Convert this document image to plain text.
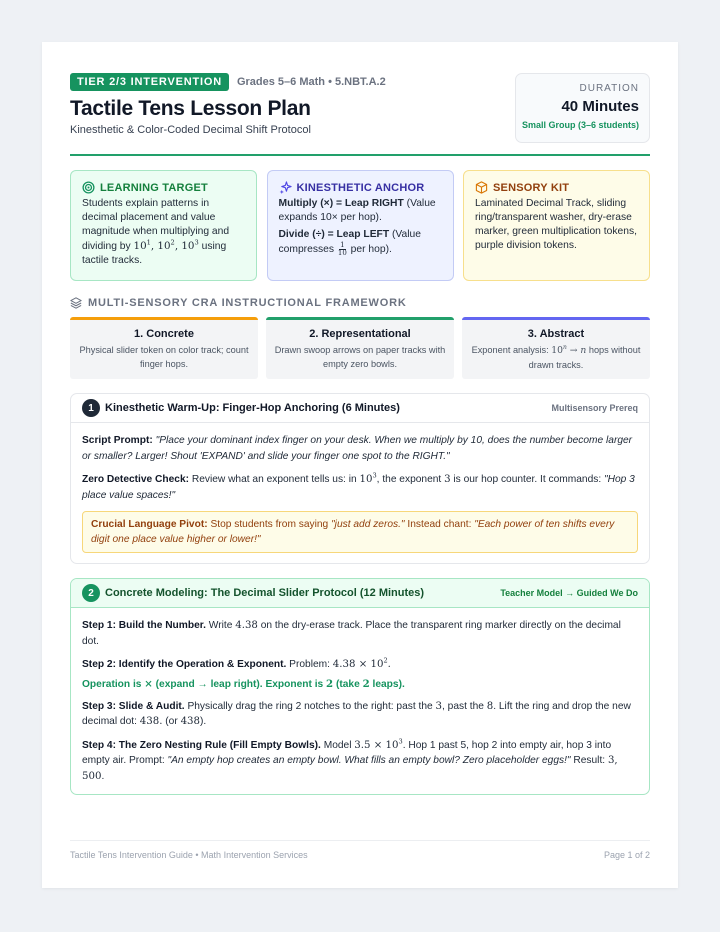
TIER 2/3 INTERVENTION	Grades 5–6 Math • 5.NBT.A.2
Tactile Tens Lesson Plan
Kinesthetic & Color-Coded Decimal Shift Protocol
DURATION
40 Minutes
Small Group (3–6 students)
LEARNING TARGET
Students explain patterns in decimal placement and value magnitude when multiplying and dividing by $10^1$, $10^2$, $10^3$ using tactile tracks.
KINESTHETIC ANCHOR
Multiply (×) = Leap RIGHT (Value expands 10× per hop).
Divide (÷) = Leap LEFT (Value compresses $\frac{1}{10}$ per hop).
SENSORY KIT
Laminated Decimal Track, sliding ring/transparent washer, dry-erase marker, green multiplication tokens, purple division tokens.
MULTI-SENSORY CRA INSTRUCTIONAL FRAMEWORK
1. Concrete
Physical slider token on color track; count finger hops.
2. Representational
Drawn swoop arrows on paper tracks with empty zero bowls.
3. Abstract
Exponent analysis: $10^n \to n$ hops without drawn tracks.
1	Kinesthetic Warm-Up: Finger-Hop Anchoring (6 Minutes)	Multisensory Prereq
Script Prompt: "Place your dominant index finger on your desk. When we multiply by 10, does the number become larger or smaller? Larger! Shout 'EXPAND' and slide your finger one spot to the RIGHT."
Zero Detective Check: Review what an exponent tells us: in $10^3$, the exponent 3 is our hop counter. It commands: "Hop 3 place value spaces!"
Crucial Language Pivot: Stop students from saying "just add zeros." Instead chant: "Each power of ten shifts every digit one place value higher or lower!"
2	Concrete Modeling: The Decimal Slider Protocol (12 Minutes)	Teacher Model → Guided We Do
Step 1: Build the Number. Write 4.38 on the dry-erase track. Place the transparent ring marker directly on the decimal dot.
Step 2: Identify the Operation & Exponent. Problem: $4.38 \times 10^2$.
Operation is × (expand → leap right). Exponent is 2 (take 2 leaps).
Step 3: Slide & Audit. Physically drag the ring 2 notches to the right: past the 3, past the 8. Lift the ring and drop the new decimal dot: 438. (or 438).
Step 4: The Zero Nesting Rule (Fill Empty Bowls). Model $3.5 \times 10^3$. Hop 1 past 5, hop 2 into empty air, hop 3 into empty air. Prompt: "An empty hop creates an empty bowl. What fills an empty bowl? Zero placeholder eggs!" Result: 3, 500.
Tactile Tens Intervention Guide • Math Intervention Services	Page 1 of 2
